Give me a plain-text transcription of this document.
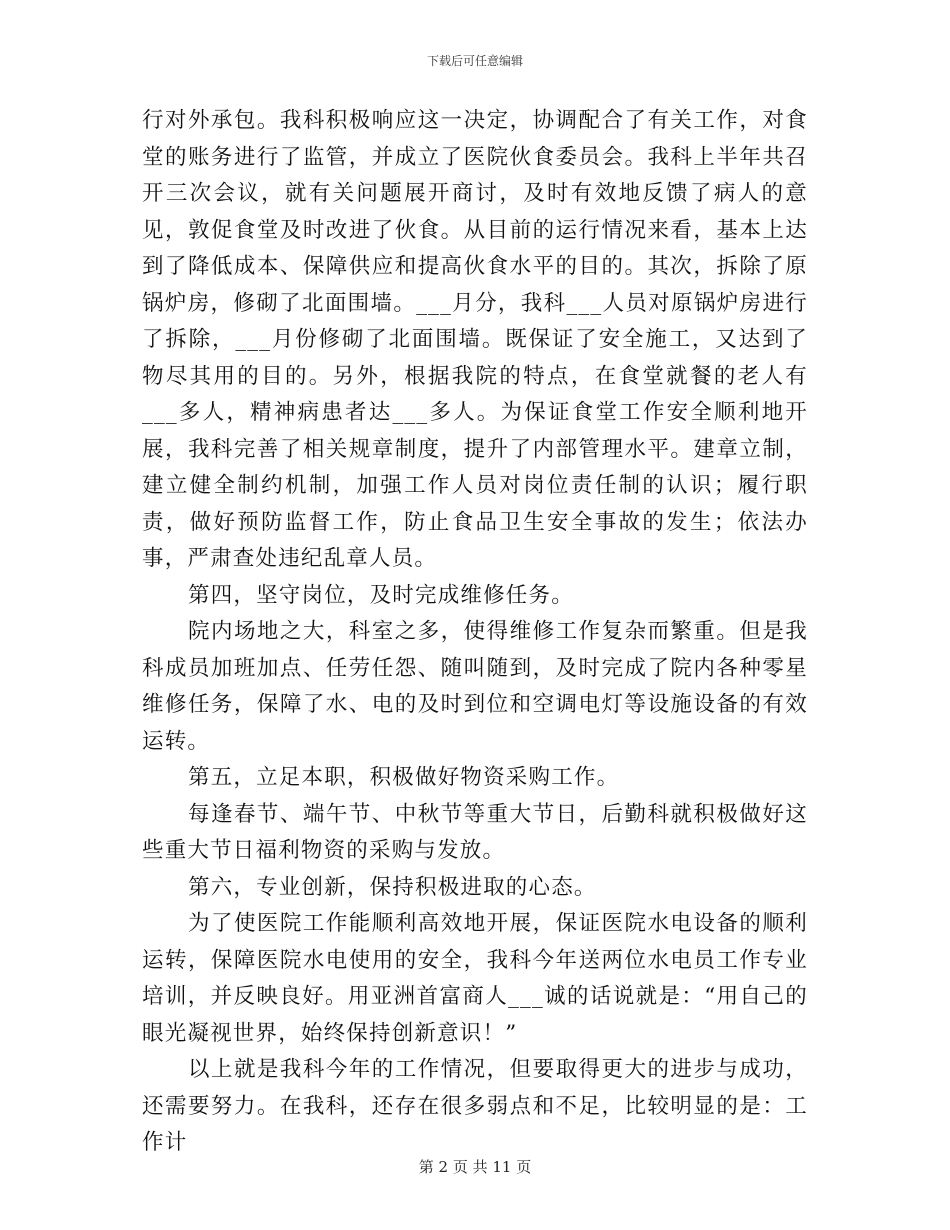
下载后可任意编辑

行对外承包。我科积极响应这一决定，协调配合了有关工作，对食堂的账务进行了监管，并成立了医院伙食委员会。我科上半年共召开三次会议，就有关问题展开商讨，及时有效地反馈了病人的意见，敦促食堂及时改进了伙食。从目前的运行情况来看，基本上达到了降低成本、保障供应和提高伙食水平的目的。其次，拆除了原锅炉房，修砌了北面围墙。___月分，我科___人员对原锅炉房进行了拆除，___月份修砌了北面围墙。既保证了安全施工，又达到了物尽其用的目的。另外，根据我院的特点，在食堂就餐的老人有___多人，精神病患者达___多人。为保证食堂工作安全顺利地开展，我科完善了相关规章制度，提升了内部管理水平。建章立制，建立健全制约机制，加强工作人员对岗位责任制的认识；履行职责，做好预防监督工作，防止食品卫生安全事故的发生；依法办事，严肃查处违纪乱章人员。

第四，坚守岗位，及时完成维修任务。

院内场地之大，科室之多，使得维修工作复杂而繁重。但是我科成员加班加点、任劳任怨、随叫随到，及时完成了院内各种零星维修任务，保障了水、电的及时到位和空调电灯等设施设备的有效运转。

第五，立足本职，积极做好物资采购工作。

每逢春节、端午节、中秋节等重大节日，后勤科就积极做好这些重大节日福利物资的采购与发放。

第六，专业创新，保持积极进取的心态。

为了使医院工作能顺利高效地开展，保证医院水电设备的顺利运转，保障医院水电使用的安全，我科今年送两位水电员工作专业培训，并反映良好。用亚洲首富商人___诚的话说就是：“用自己的眼光凝视世界，始终保持创新意识！”

以上就是我科今年的工作情况，但要取得更大的进步与成功，还需要努力。在我科，还存在很多弱点和不足，比较明显的是：工作计

第 2 页 共 11 页
